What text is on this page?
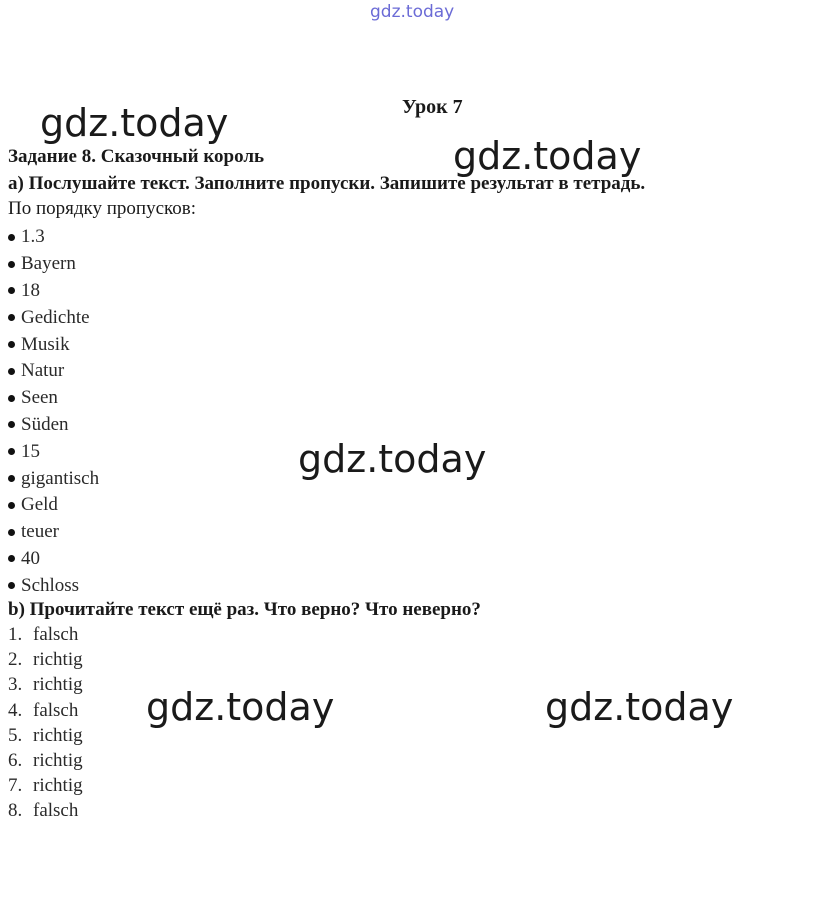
gdz.today
gdz.today
gdz.today
gdz.today
gdz.today	gdz.today
Урок 7
Задание 8. Сказочный король
а) Послушайте текст. Заполните пропуски. Запишите результат в тетрадь.
По порядку пропусков:
1.3
Bayern
18
Gedichte
Musik
Natur
Seen
Süden
15
gigantisch
Geld
teuer
40
Schloss
b) Прочитайте текст ещё раз. Что верно? Что неверно?
1. falsch
2. richtig
3. richtig
4. falsch
5. richtig
6. richtig
7. richtig
8. falsch
